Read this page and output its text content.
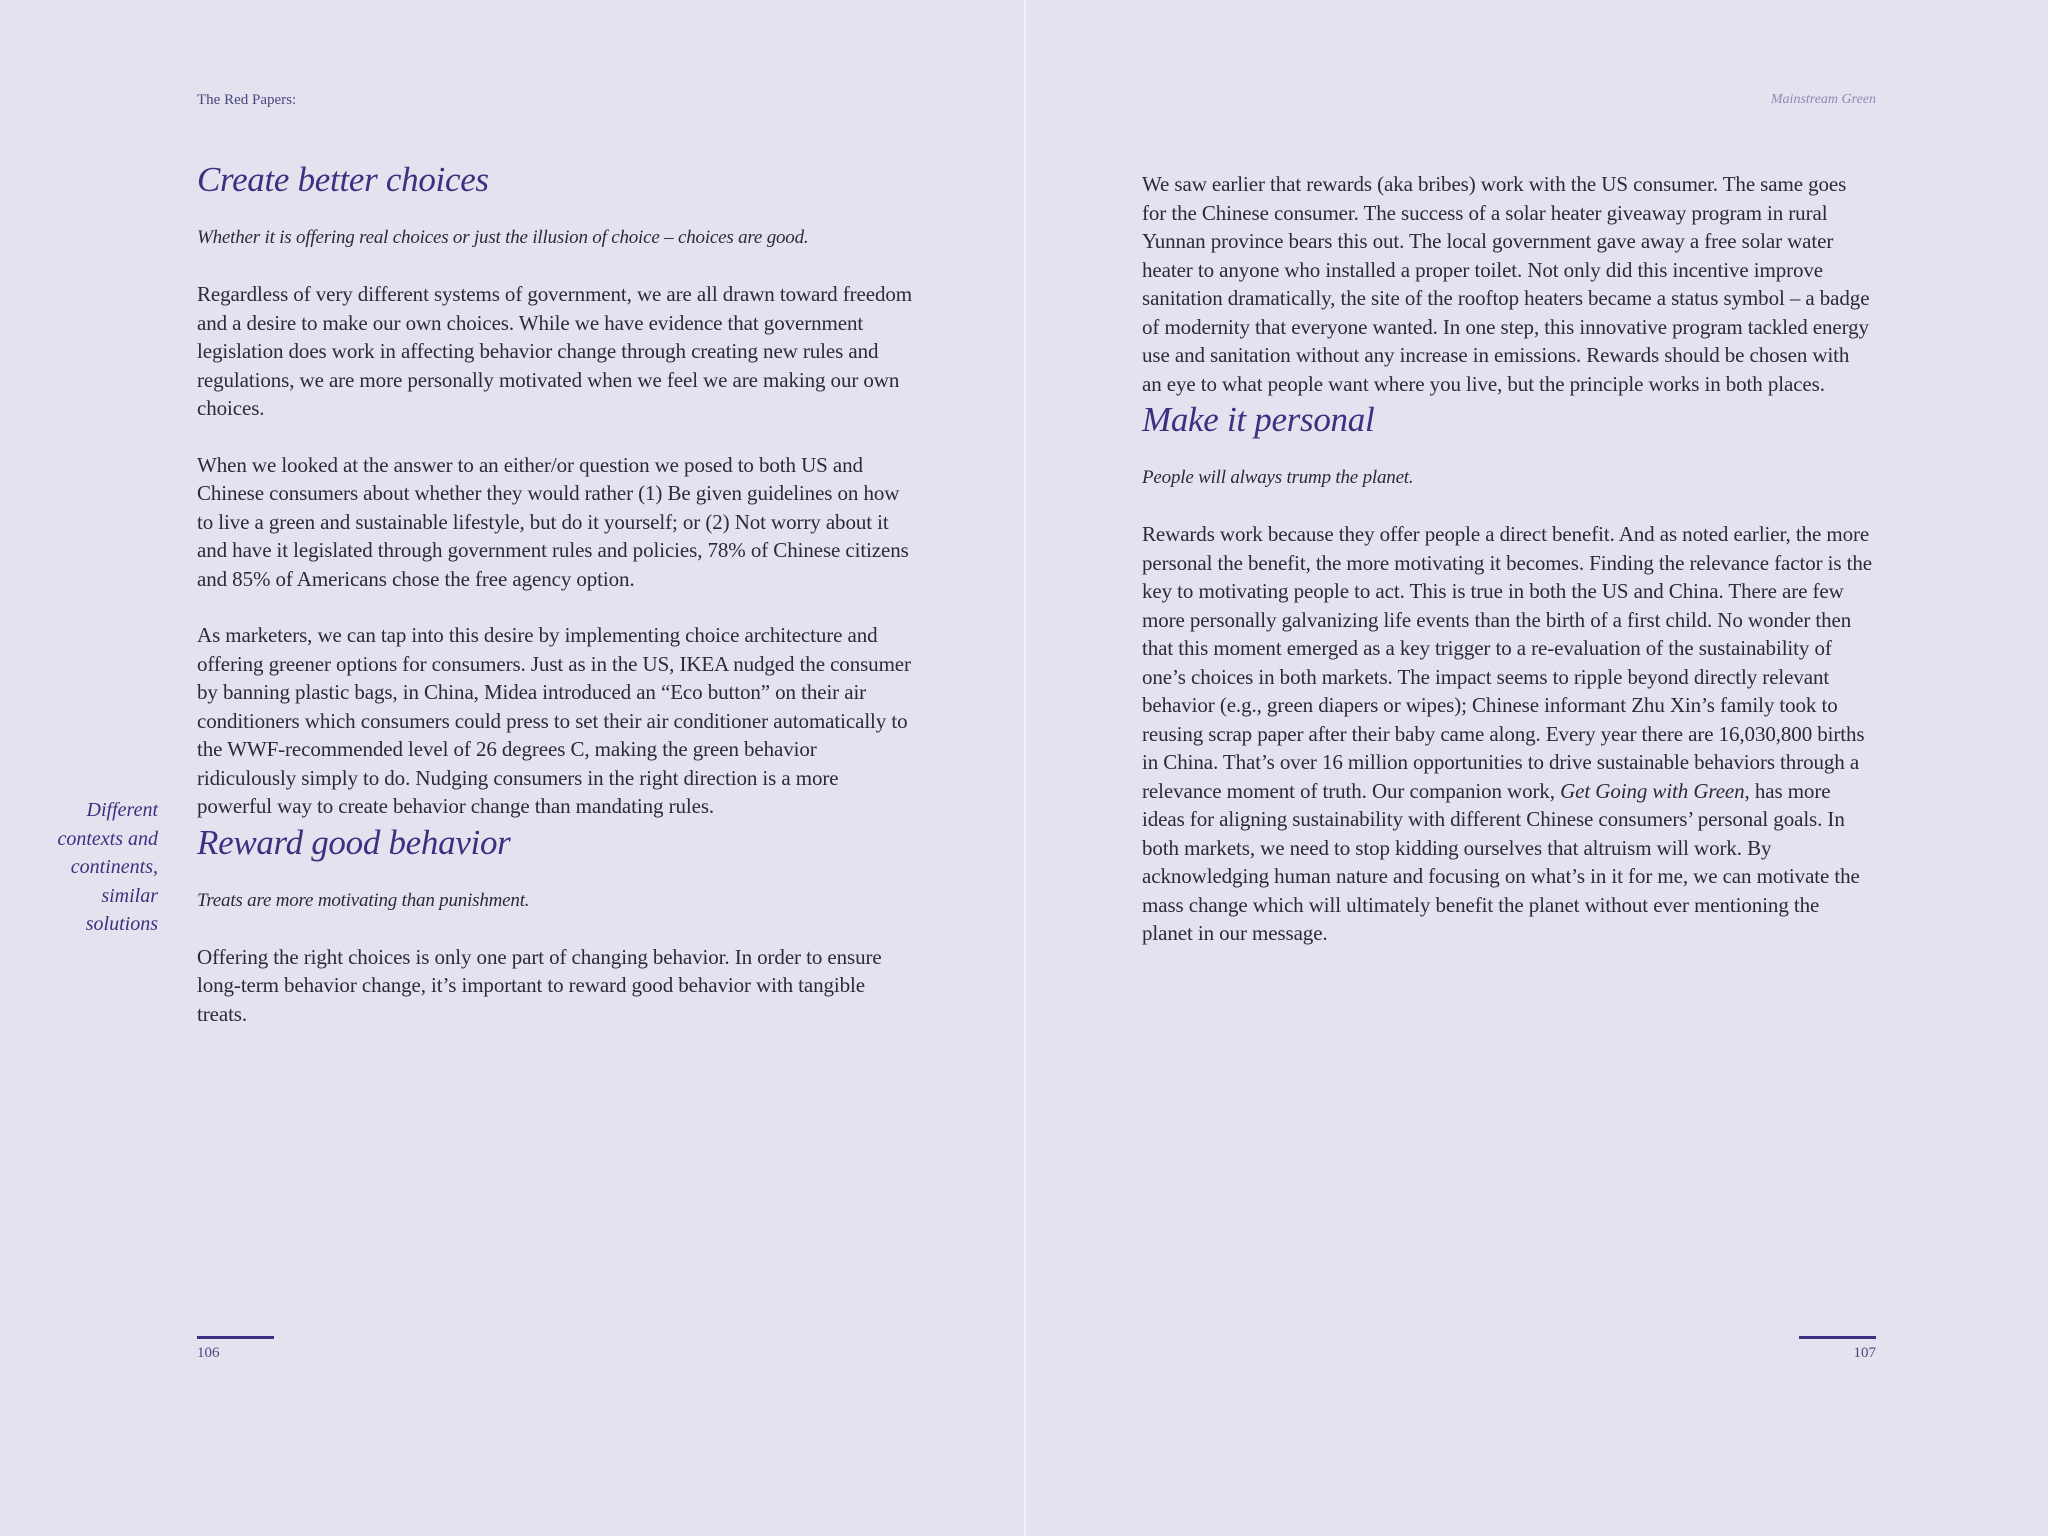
The Red Papers:
Create better choices

Whether it is offering real choices or just the illusion of choice – choices are good.

Regardless of very different systems of government, we are all drawn toward freedom and a desire to make our own choices. While we have evidence that government legislation does work in affecting behavior change through creating new rules and regulations, we are more personally motivated when we feel we are making our own choices.

When we looked at the answer to an either/or question we posed to both US and Chinese consumers about whether they would rather (1) Be given guidelines on how to live a green and sustainable lifestyle, but do it yourself; or (2) Not worry about it and have it legislated through government rules and policies, 78% of Chinese citizens and 85% of Americans chose the free agency option.

As marketers, we can tap into this desire by implementing choice architecture and offering greener options for consumers. Just as in the US, IKEA nudged the consumer by banning plastic bags, in China, Midea introduced an “Eco button” on their air conditioners which consumers could press to set their air conditioner automatically to the WWF-recommended level of 26 degrees C, making the green behavior ridiculously simply to do. Nudging consumers in the right direction is a more powerful way to create behavior change than mandating rules.

Reward good behavior

Treats are more motivating than punishment.

Offering the right choices is only one part of changing behavior. In order to ensure long-term behavior change, it’s important to reward good behavior with tangible treats.

Different contexts and continents, similar solutions
106
Mainstream Green

We saw earlier that rewards (aka bribes) work with the US consumer. The same goes for the Chinese consumer. The success of a solar heater giveaway program in rural Yunnan province bears this out. The local government gave away a free solar water heater to anyone who installed a proper toilet. Not only did this incentive improve sanitation dramatically, the site of the rooftop heaters became a status symbol – a badge of modernity that everyone wanted. In one step, this innovative program tackled energy use and sanitation without any increase in emissions. Rewards should be chosen with an eye to what people want where you live, but the principle works in both places.

Make it personal

People will always trump the planet.

Rewards work because they offer people a direct benefit. And as noted earlier, the more personal the benefit, the more motivating it becomes. Finding the relevance factor is the key to motivating people to act. This is true in both the US and China. There are few more personally galvanizing life events than the birth of a first child. No wonder then that this moment emerged as a key trigger to a re-evaluation of the sustainability of one’s choices in both markets. The impact seems to ripple beyond directly relevant behavior (e.g., green diapers or wipes); Chinese informant Zhu Xin’s family took to reusing scrap paper after their baby came along. Every year there are 16,030,800 births in China. That’s over 16 million opportunities to drive sustainable behaviors through a relevance moment of truth. Our companion work, Get Going with Green, has more ideas for aligning sustainability with different Chinese consumers’ personal goals. In both markets, we need to stop kidding ourselves that altruism will work. By acknowledging human nature and focusing on what’s in it for me, we can motivate the mass change which will ultimately benefit the planet without ever mentioning the planet in our message.

107
